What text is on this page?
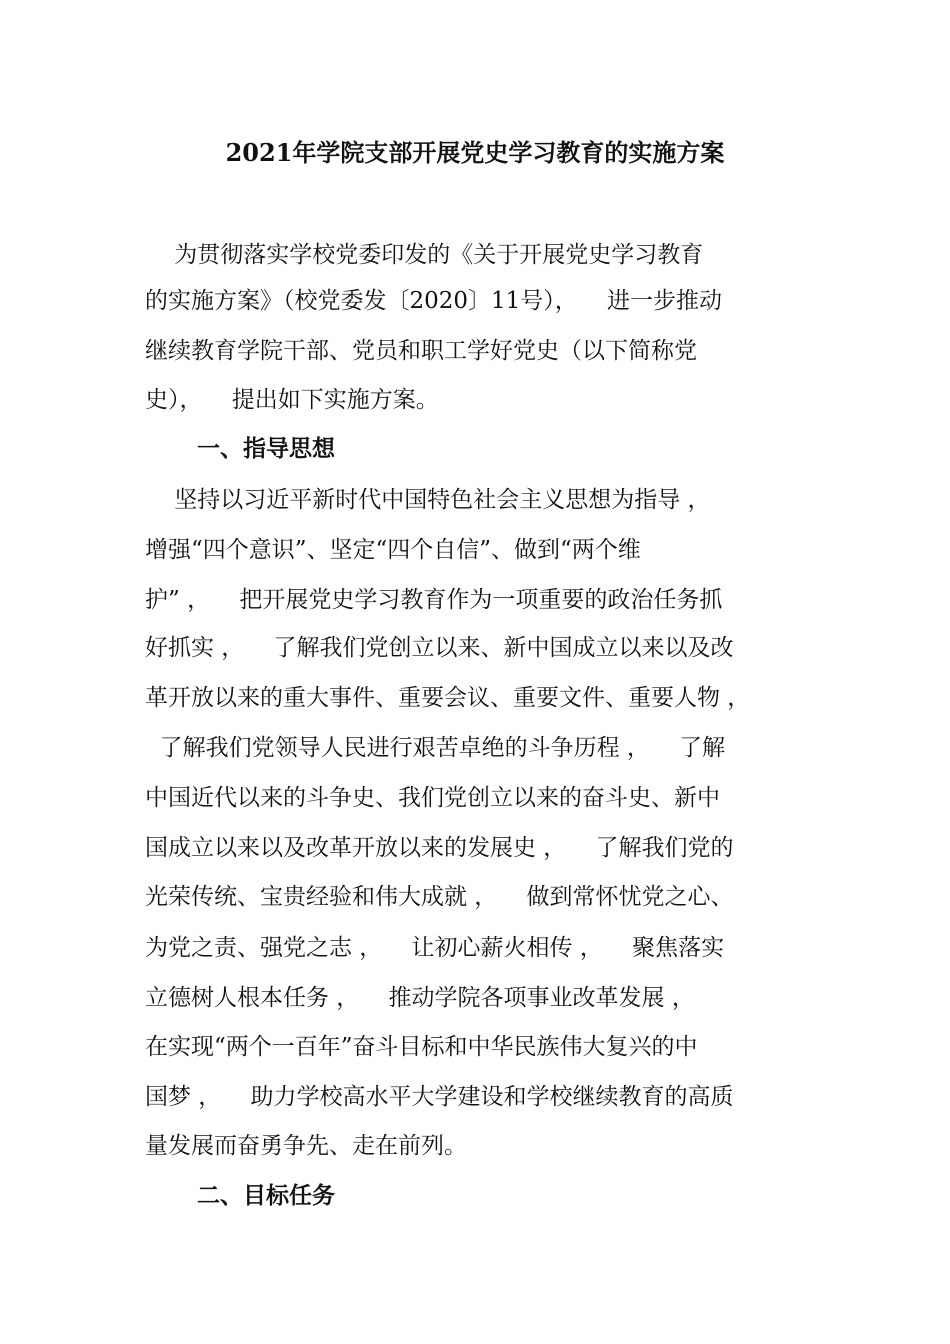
2021年学院支部开展党史学习教育的实施方案
为贯彻落实学校党委印发的《关于开展党史学习教育
的实施方案》（校党委发〔2020〕11号），    进一步推动
继续教育学院干部、党员和职工学好党史（以下简称党
史），    提出如下实施方案。
一、指导思想
坚持以习近平新时代中国特色社会主义思想为指导 ，
增强“四个意识”、坚定“四个自信”、做到“两个维
护” ，    把开展党史学习教育作为一项重要的政治任务抓
好抓实 ，    了解我们党创立以来、新中国成立以来以及改
革开放以来的重大事件、重要会议、重要文件、重要人物 ，
了解我们党领导人民进行艰苦卓绝的斗争历程 ，    了解
中国近代以来的斗争史、我们党创立以来的奋斗史、新中
国成立以来以及改革开放以来的发展史 ，    了解我们党的
光荣传统、宝贵经验和伟大成就 ，    做到常怀忧党之心、
为党之责、强党之志 ，    让初心薪火相传 ，    聚焦落实
立德树人根本任务 ，    推动学院各项事业改革发展 ，
在实现“两个一百年”奋斗目标和中华民族伟大复兴的中
国梦 ，    助力学校高水平大学建设和学校继续教育的高质
量发展而奋勇争先、走在前列。
二、目标任务
